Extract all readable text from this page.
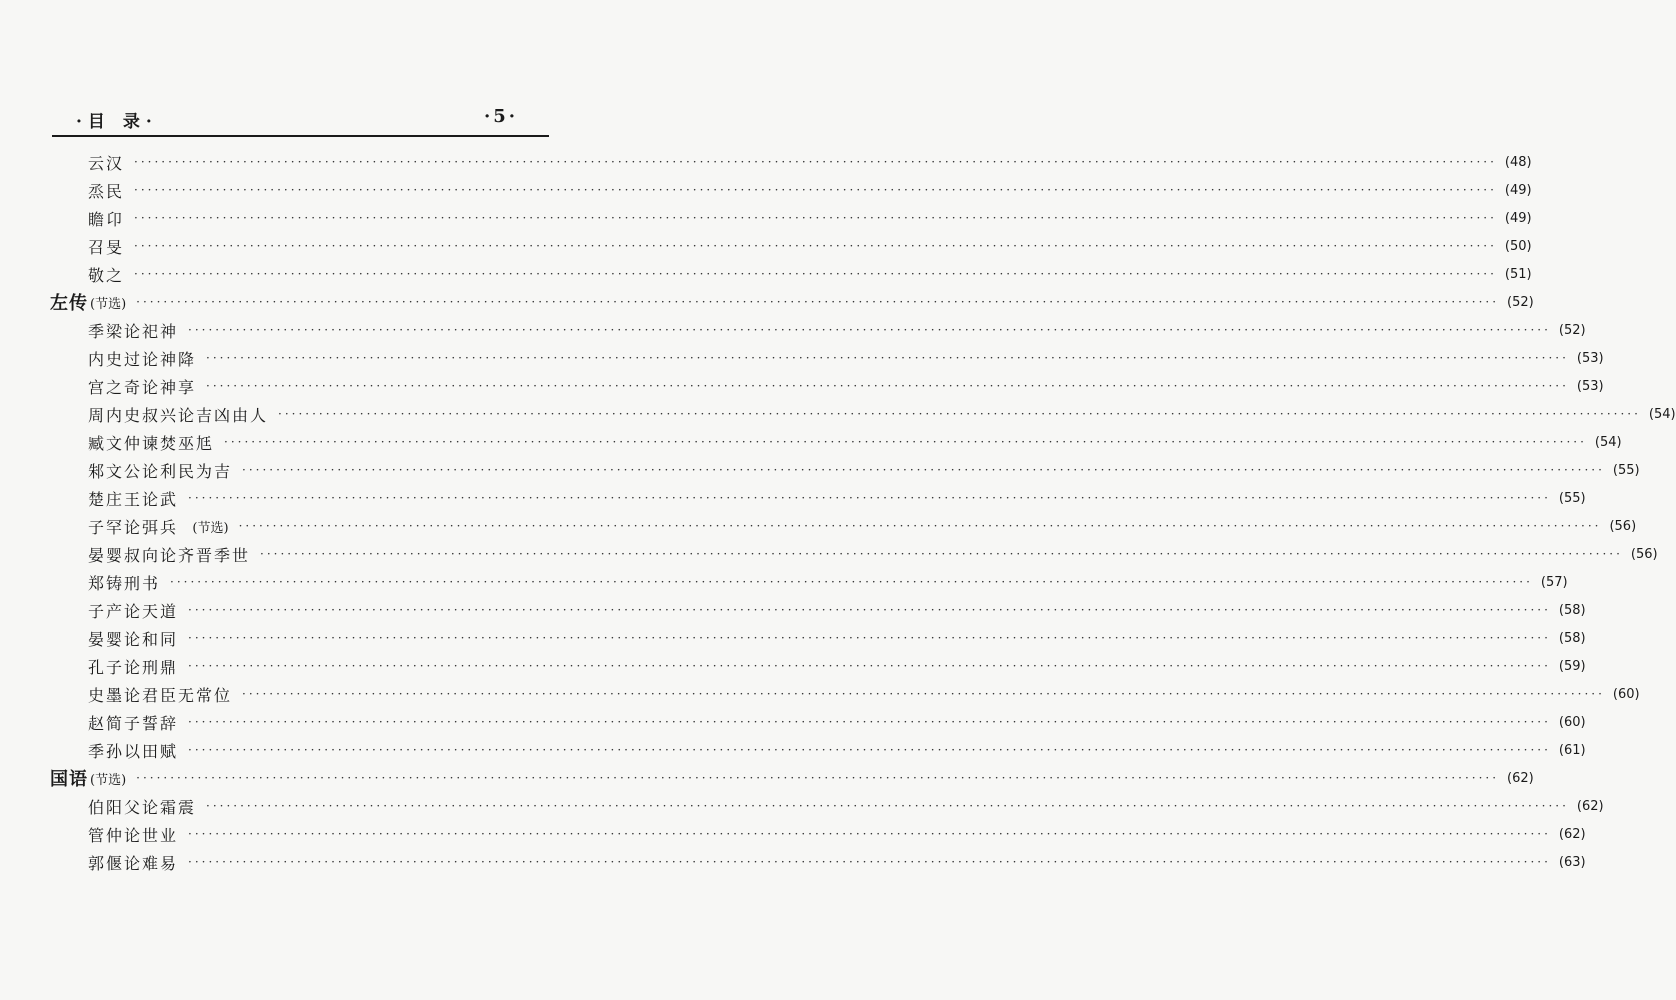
·目 录·	·5·
云汉 ········································································································································································································ (48)
烝民 ········································································································································································································ (49)
瞻卬 ········································································································································································································ (49)
召旻 ········································································································································································································ (50)
敬之 ········································································································································································································ (51)
左传 (节选) ········································································································································································································ (52)
季梁论祀神 ········································································································································································································ (52)
内史过论神降 ········································································································································································································ (53)
宫之奇论神享 ········································································································································································································ (53)
周内史叔兴论吉凶由人 ········································································································································································································ (54)
臧文仲谏焚巫尪 ········································································································································································································ (54)
邾文公论利民为吉 ········································································································································································································ (55)
楚庄王论武 ········································································································································································································ (55)
子罕论弭兵 (节选) ········································································································································································································ (56)
晏婴叔向论齐晋季世 ········································································································································································································ (56)
郑铸刑书 ········································································································································································································ (57)
子产论天道 ········································································································································································································ (58)
晏婴论和同 ········································································································································································································ (58)
孔子论刑鼎 ········································································································································································································ (59)
史墨论君臣无常位 ········································································································································································································ (60)
赵简子誓辞 ········································································································································································································ (60)
季孙以田赋 ········································································································································································································ (61)
国语 (节选) ········································································································································································································ (62)
伯阳父论霜震 ········································································································································································································ (62)
管仲论世业 ········································································································································································································ (62)
郭偃论难易 ········································································································································································································ (63)
